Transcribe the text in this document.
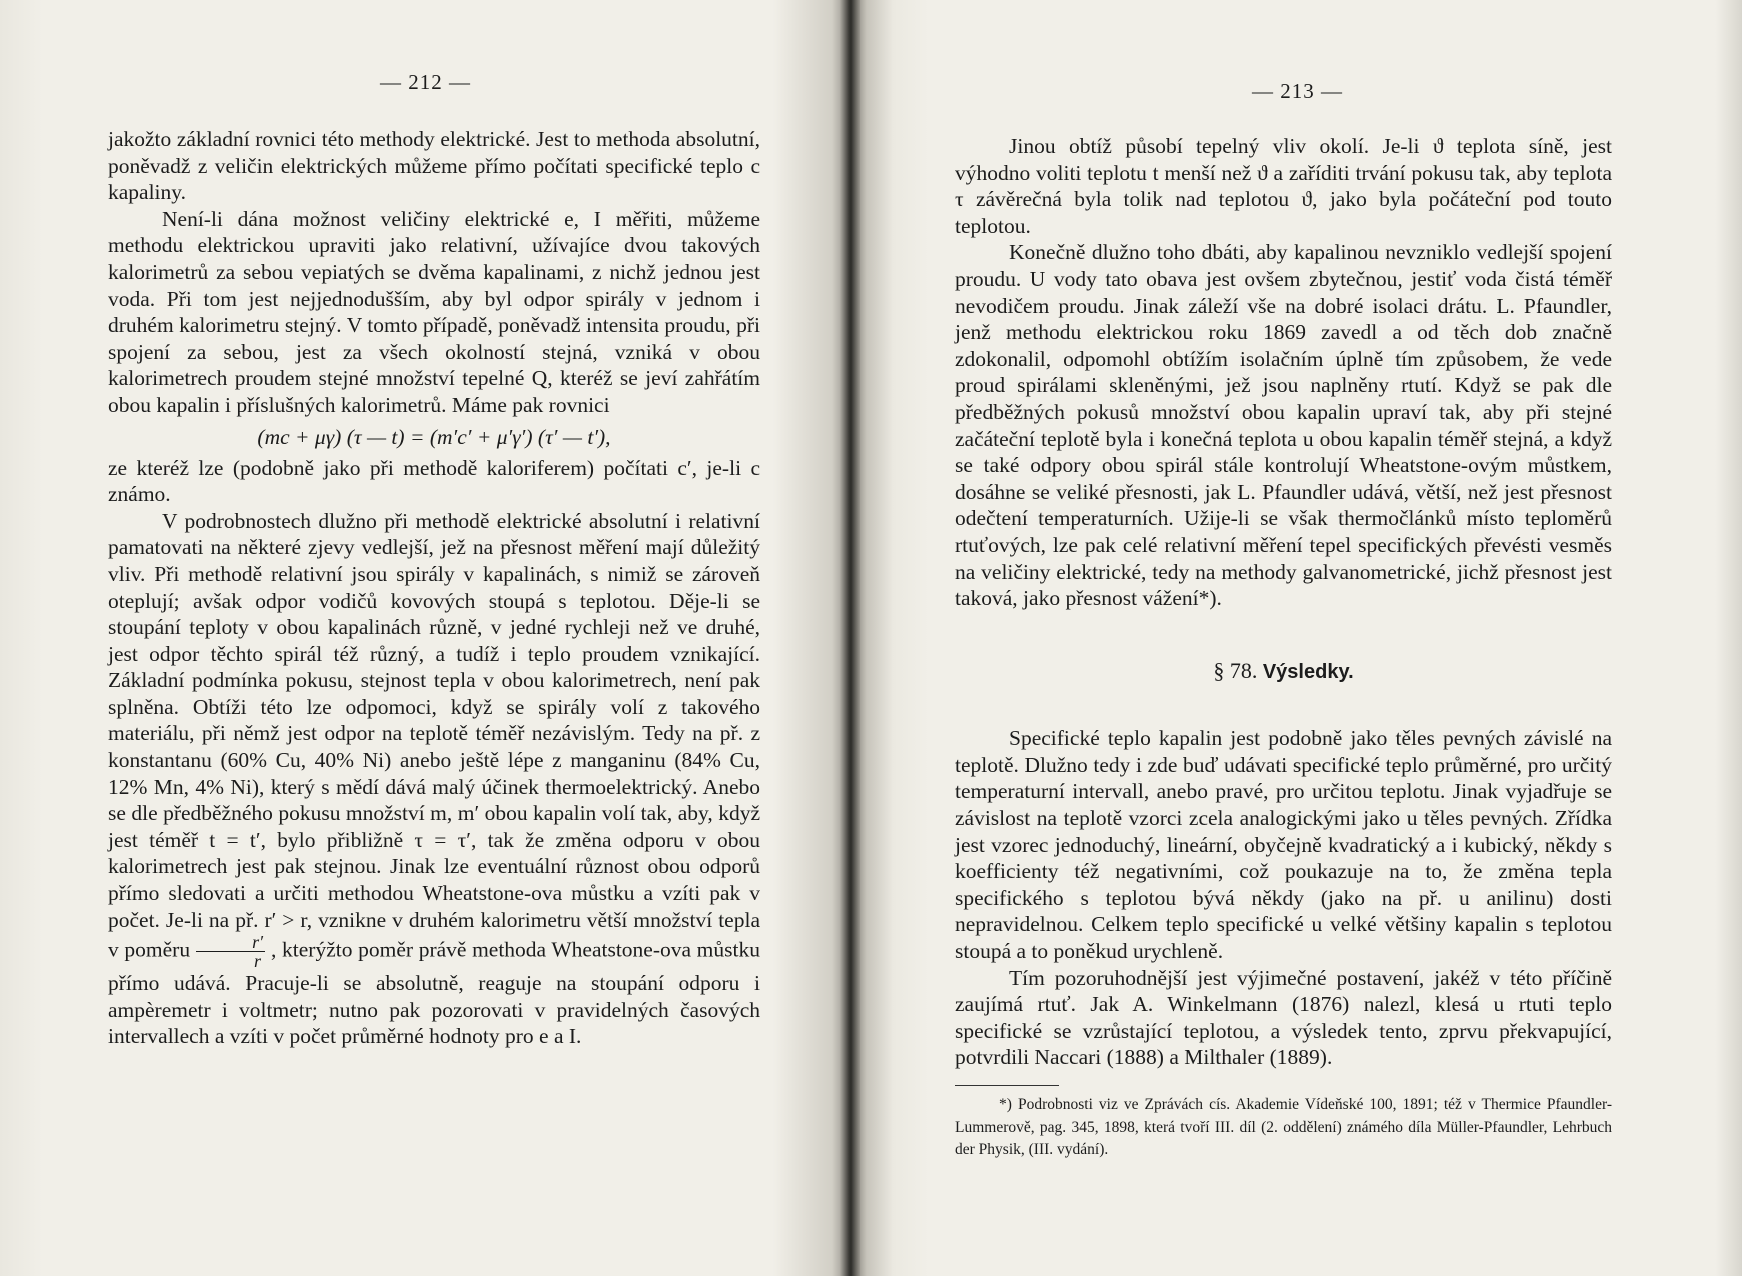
— 212 —	— 213 —

jakožto základní rovnici této methody elektrické. Jest to methoda absolutní, poněvadž z veličin elektrických můžeme přímo počítati specifické teplo c kapaliny.

Není-li dána možnost veličiny elektrické e, I měřiti, můžeme methodu elektrickou upraviti jako relativní, užívajíce dvou takových kalorimetrů za sebou vepiatých se dvěma kapalinami, z nichž jednou jest voda. Při tom jest nejjednodušším, aby byl odpor spirály v jednom i druhém kalorimetru stejný. V tomto případě, poněvadž intensita proudu, při spojení za sebou, jest za všech okolností stejná, vzniká v obou kalorimetrech proudem stejné množství tepelné Q, kteréž se jeví zahřátím obou kapalin i příslušných kalorimetrů. Máme pak rovnici

(mc + μγ) (τ — t) = (m′c′ + μ′γ′) (τ′ — t′),

ze kteréž lze (podobně jako při methodě kaloriferem) počítati c′, je-li c známo.

V podrobnostech dlužno při methodě elektrické absolutní i relativní pamatovati na některé zjevy vedlejší, jež na přesnost měření mají důležitý vliv. Při methodě relativní jsou spirály v kapalinách, s nimiž se zároveň oteplují; avšak odpor vodičů kovových stoupá s teplotou. Děje-li se stoupání teploty v obou kapalinách různě, v jedné rychleji než ve druhé, jest odpor těchto spirál též různý, a tudíž i teplo proudem vznikající. Základní podmínka pokusu, stejnost tepla v obou kalorimetrech, není pak splněna. Obtíži této lze odpomoci, když se spirály volí z takového materiálu, při němž jest odpor na teplotě téměř nezávislým. Tedy na př. z konstantanu (60% Cu, 40% Ni) anebo ještě lépe z manganinu (84% Cu, 12% Mn, 4% Ni), který s mědí dává malý účinek thermoelektrický. Anebo se dle předběžného pokusu množství m, m′ obou kapalin volí tak, aby, když jest téměř t = t′, bylo přibližně τ = τ′, tak že změna odporu v obou kalorimetrech jest pak stejnou. Jinak lze eventuální různost obou odporů přímo sledovati a určiti methodou Wheatstone-ova můstku a vzíti pak v počet. Je-li na př. r′ > r, vznikne v druhém kalorimetru větší množství tepla v poměru $\frac{r'}{r}$ , kterýžto poměr právě methoda Wheatstone-ova můstku přímo udává. Pracuje-li se absolutně, reaguje na stoupání odporu i ampèremetr i voltmetr; nutno pak pozorovati v pravidelných časových intervallech a vzíti v počet průměrné hodnoty pro e a I.

Jinou obtíž působí tepelný vliv okolí. Je-li ϑ teplota síně, jest výhodno voliti teplotu t menší než ϑ a zaříditi trvání pokusu tak, aby teplota τ závěrečná byla tolik nad teplotou ϑ, jako byla počáteční pod touto teplotou.

Konečně dlužno toho dbáti, aby kapalinou nevzniklo vedlejší spojení proudu. U vody tato obava jest ovšem zbytečnou, jestiť voda čistá téměř nevodičem proudu. Jinak záleží vše na dobré isolaci drátu. L. Pfaundler, jenž methodu elektrickou roku 1869 zavedl a od těch dob značně zdokonalil, odpomohl obtížím isolačním úplně tím způsobem, že vede proud spirálami skleněnými, jež jsou naplněny rtutí. Když se pak dle předběžných pokusů množství obou kapalin upraví tak, aby při stejné začáteční teplotě byla i konečná teplota u obou kapalin téměř stejná, a když se také odpory obou spirál stále kontrolují Wheatstone-ovým můstkem, dosáhne se veliké přesnosti, jak L. Pfaundler udává, větší, než jest přesnost odečtení temperaturních. Užije-li se však thermočlánků místo teploměrů rtuťových, lze pak celé relativní měření tepel specifických převésti vesměs na veličiny elektrické, tedy na methody galvanometrické, jichž přesnost jest taková, jako přesnost vážení*).

§ 78. Výsledky.

Specifické teplo kapalin jest podobně jako těles pevných závislé na teplotě. Dlužno tedy i zde buď udávati specifické teplo průměrné, pro určitý temperaturní intervall, anebo pravé, pro určitou teplotu. Jinak vyjadřuje se závislost na teplotě vzorci zcela analogickými jako u těles pevných. Zřídka jest vzorec jednoduchý, lineární, obyčejně kvadratický a i kubický, někdy s koefficienty též negativními, což poukazuje na to, že změna tepla specifického s teplotou bývá někdy (jako na př. u anilinu) dosti nepravidelnou. Celkem teplo specifické u velké většiny kapalin s teplotou stoupá a to poněkud urychleně.

Tím pozoruhodnější jest výjimečné postavení, jakéž v této příčině zaujímá rtuť. Jak A. Winkelmann (1876) nalezl, klesá u rtuti teplo specifické se vzrůstající teplotou, a výsledek tento, zprvu překvapující, potvrdili Naccari (1888) a Milthaler (1889).

*) Podrobnosti viz ve Zprávách cís. Akademie Vídeňské 100, 1891; též v Thermice Pfaundler-Lummerově, pag. 345, 1898, která tvoří III. díl (2. oddělení) známého díla Müller-Pfaundler, Lehrbuch der Physik, (III. vydání).
